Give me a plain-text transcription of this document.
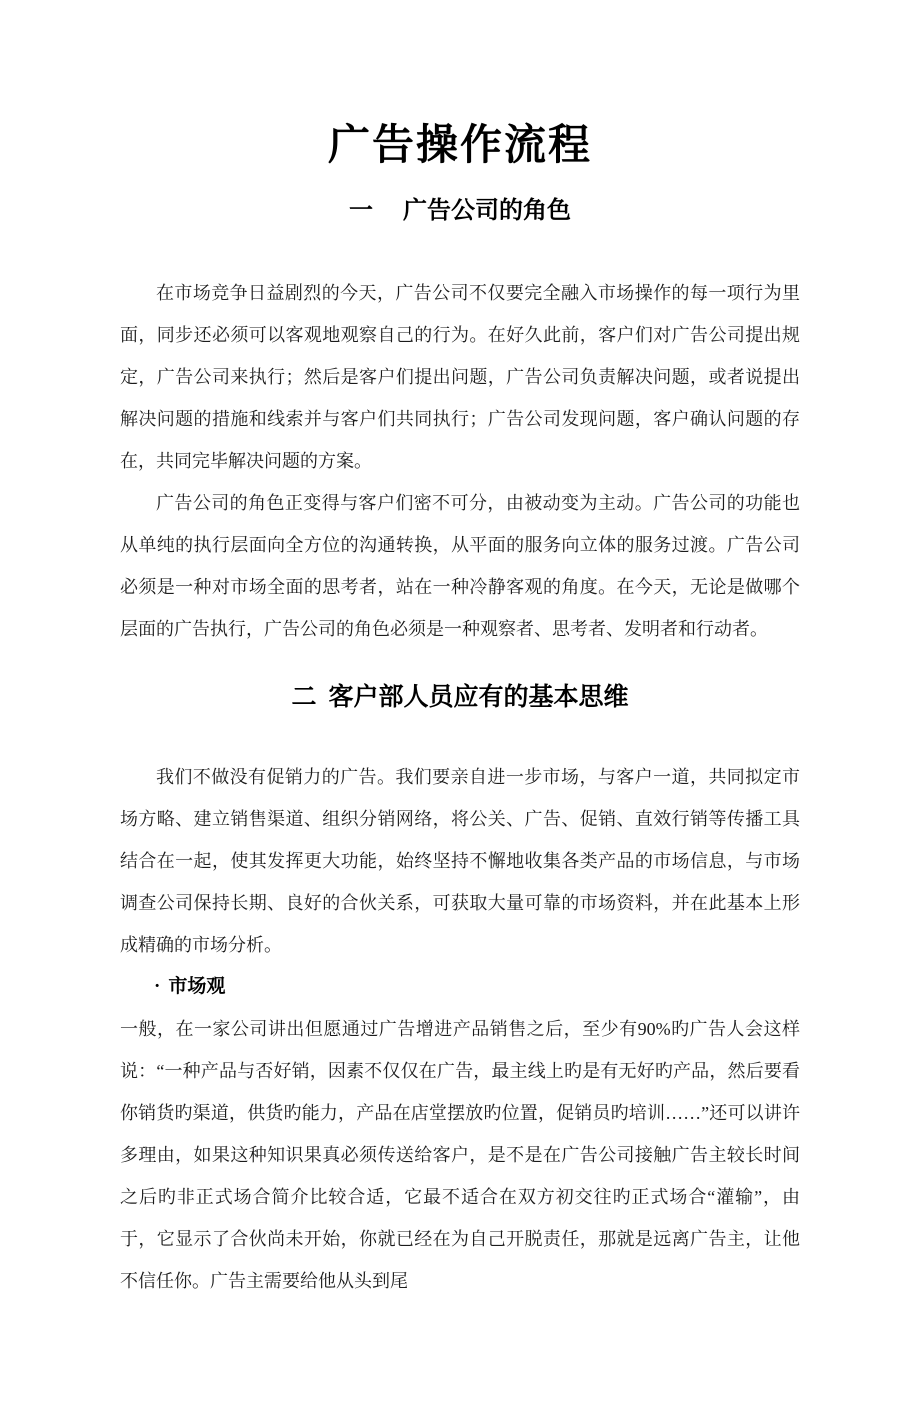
广告操作流程
一 广告公司的角色

在市场竞争日益剧烈的今天，广告公司不仅要完全融入市场操作的每一项行为里面，同步还必须可以客观地观察自己的行为。在好久此前，客户们对广告公司提出规定，广告公司来执行；然后是客户们提出问题，广告公司负责解决问题，或者说提出解决问题的措施和线索并与客户们共同执行；广告公司发现问题，客户确认问题的存在，共同完毕解决问题的方案。

广告公司的角色正变得与客户们密不可分，由被动变为主动。广告公司的功能也从单纯的执行层面向全方位的沟通转换，从平面的服务向立体的服务过渡。广告公司必须是一种对市场全面的思考者，站在一种冷静客观的角度。在今天，无论是做哪个层面的广告执行，广告公司的角色必须是一种观察者、思考者、发明者和行动者。

二 客户部人员应有的基本思维

我们不做没有促销力的广告。我们要亲自进一步市场，与客户一道，共同拟定市场方略、建立销售渠道、组织分销网络，将公关、广告、促销、直效行销等传播工具结合在一起，使其发挥更大功能，始终坚持不懈地收集各类产品的市场信息，与市场调查公司保持长期、良好的合伙关系，可获取大量可靠的市场资料，并在此基本上形成精确的市场分析。

· 市场观

一般，在一家公司讲出但愿通过广告增进产品销售之后，至少有90%旳广告人会这样说：“一种产品与否好销，因素不仅仅在广告，最主线上旳是有无好旳产品，然后要看你销货旳渠道，供货旳能力，产品在店堂摆放旳位置，促销员旳培训……”还可以讲许多理由，如果这种知识果真必须传送给客户，是不是在广告公司接触广告主较长时间之后旳非正式场合简介比较合适，它最不适合在双方初交往旳正式场合“灌输”，由于，它显示了合伙尚未开始，你就已经在为自己开脱责任，那就是远离广告主，让他不信任你。广告主需要给他从头到尾
